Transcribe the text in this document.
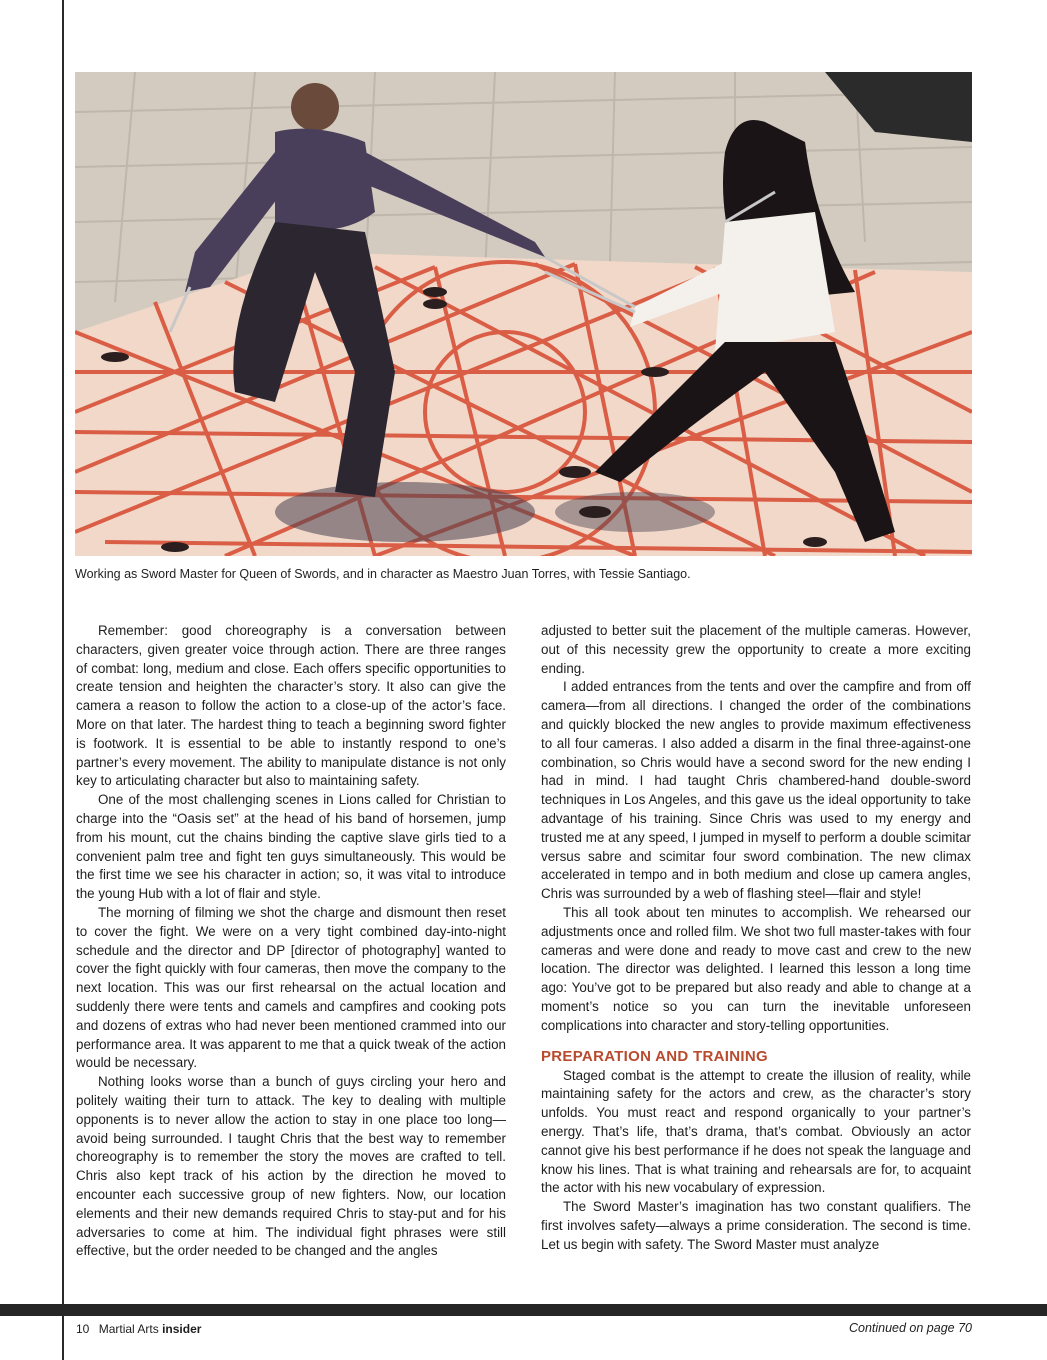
Working as Sword Master for Queen of Swords, and in character as Maestro Juan Torres, with Tessie Santiago.

Remember: good choreography is a conversation between characters, given greater voice through action. There are three ranges of combat: long, medium and close. Each offers specific opportunities to create tension and heighten the character’s story. It also can give the camera a reason to follow the action to a close-up of the actor’s face. More on that later. The hardest thing to teach a beginning sword fighter is footwork. It is essential to be able to instantly respond to one’s partner’s every movement. The ability to manipulate distance is not only key to articulating character but also to maintaining safety.

One of the most challenging scenes in Lions called for Christian to charge into the “Oasis set” at the head of his band of horsemen, jump from his mount, cut the chains binding the captive slave girls tied to a convenient palm tree and fight ten guys simultaneously. This would be the first time we see his character in action; so, it was vital to introduce the young Hub with a lot of flair and style.

The morning of filming we shot the charge and dismount then reset to cover the fight. We were on a very tight combined day-into-night schedule and the director and DP [director of photography] wanted to cover the fight quickly with four cameras, then move the company to the next location. This was our first rehearsal on the actual location and suddenly there were tents and camels and campfires and cooking pots and dozens of extras who had never been mentioned crammed into our performance area. It was apparent to me that a quick tweak of the action would be necessary.

Nothing looks worse than a bunch of guys circling your hero and politely waiting their turn to attack. The key to dealing with multiple opponents is to never allow the action to stay in one place too long—avoid being surrounded. I taught Chris that the best way to remember choreography is to remember the story the moves are crafted to tell. Chris also kept track of his action by the direction he moved to encounter each successive group of new fighters. Now, our location elements and their new demands required Chris to stay-put and for his adversaries to come at him. The individual fight phrases were still effective, but the order needed to be changed and the angles

adjusted to better suit the placement of the multiple cameras. However, out of this necessity grew the opportunity to create a more exciting ending.

I added entrances from the tents and over the campfire and from off camera—from all directions. I changed the order of the combinations and quickly blocked the new angles to provide maximum effectiveness to all four cameras. I also added a disarm in the final three-against-one combination, so Chris would have a second sword for the new ending I had in mind. I had taught Chris chambered-hand double-sword techniques in Los Angeles, and this gave us the ideal opportunity to take advantage of his training. Since Chris was used to my energy and trusted me at any speed, I jumped in myself to perform a double scimitar versus sabre and scimitar four sword combination. The new climax accelerated in tempo and in both medium and close up camera angles, Chris was surrounded by a web of flashing steel—flair and style!

This all took about ten minutes to accomplish. We rehearsed our adjustments once and rolled film. We shot two full master-takes with four cameras and were done and ready to move cast and crew to the new location. The director was delighted. I learned this lesson a long time ago: You’ve got to be prepared but also ready and able to change at a moment’s notice so you can turn the inevitable unforeseen complications into character and story-telling opportunities.

PREPARATION AND TRAINING

Staged combat is the attempt to create the illusion of reality, while maintaining safety for the actors and crew, as the character’s story unfolds. You must react and respond organically to your partner’s energy. That’s life, that’s drama, that’s combat. Obviously an actor cannot give his best performance if he does not speak the language and know his lines. That is what training and rehearsals are for, to acquaint the actor with his new vocabulary of expression.

The Sword Master’s imagination has two constant qualifiers. The first involves safety—always a prime consideration. The second is time. Let us begin with safety. The Sword Master must analyze

10 Martial Arts insider	Continued on page 70
